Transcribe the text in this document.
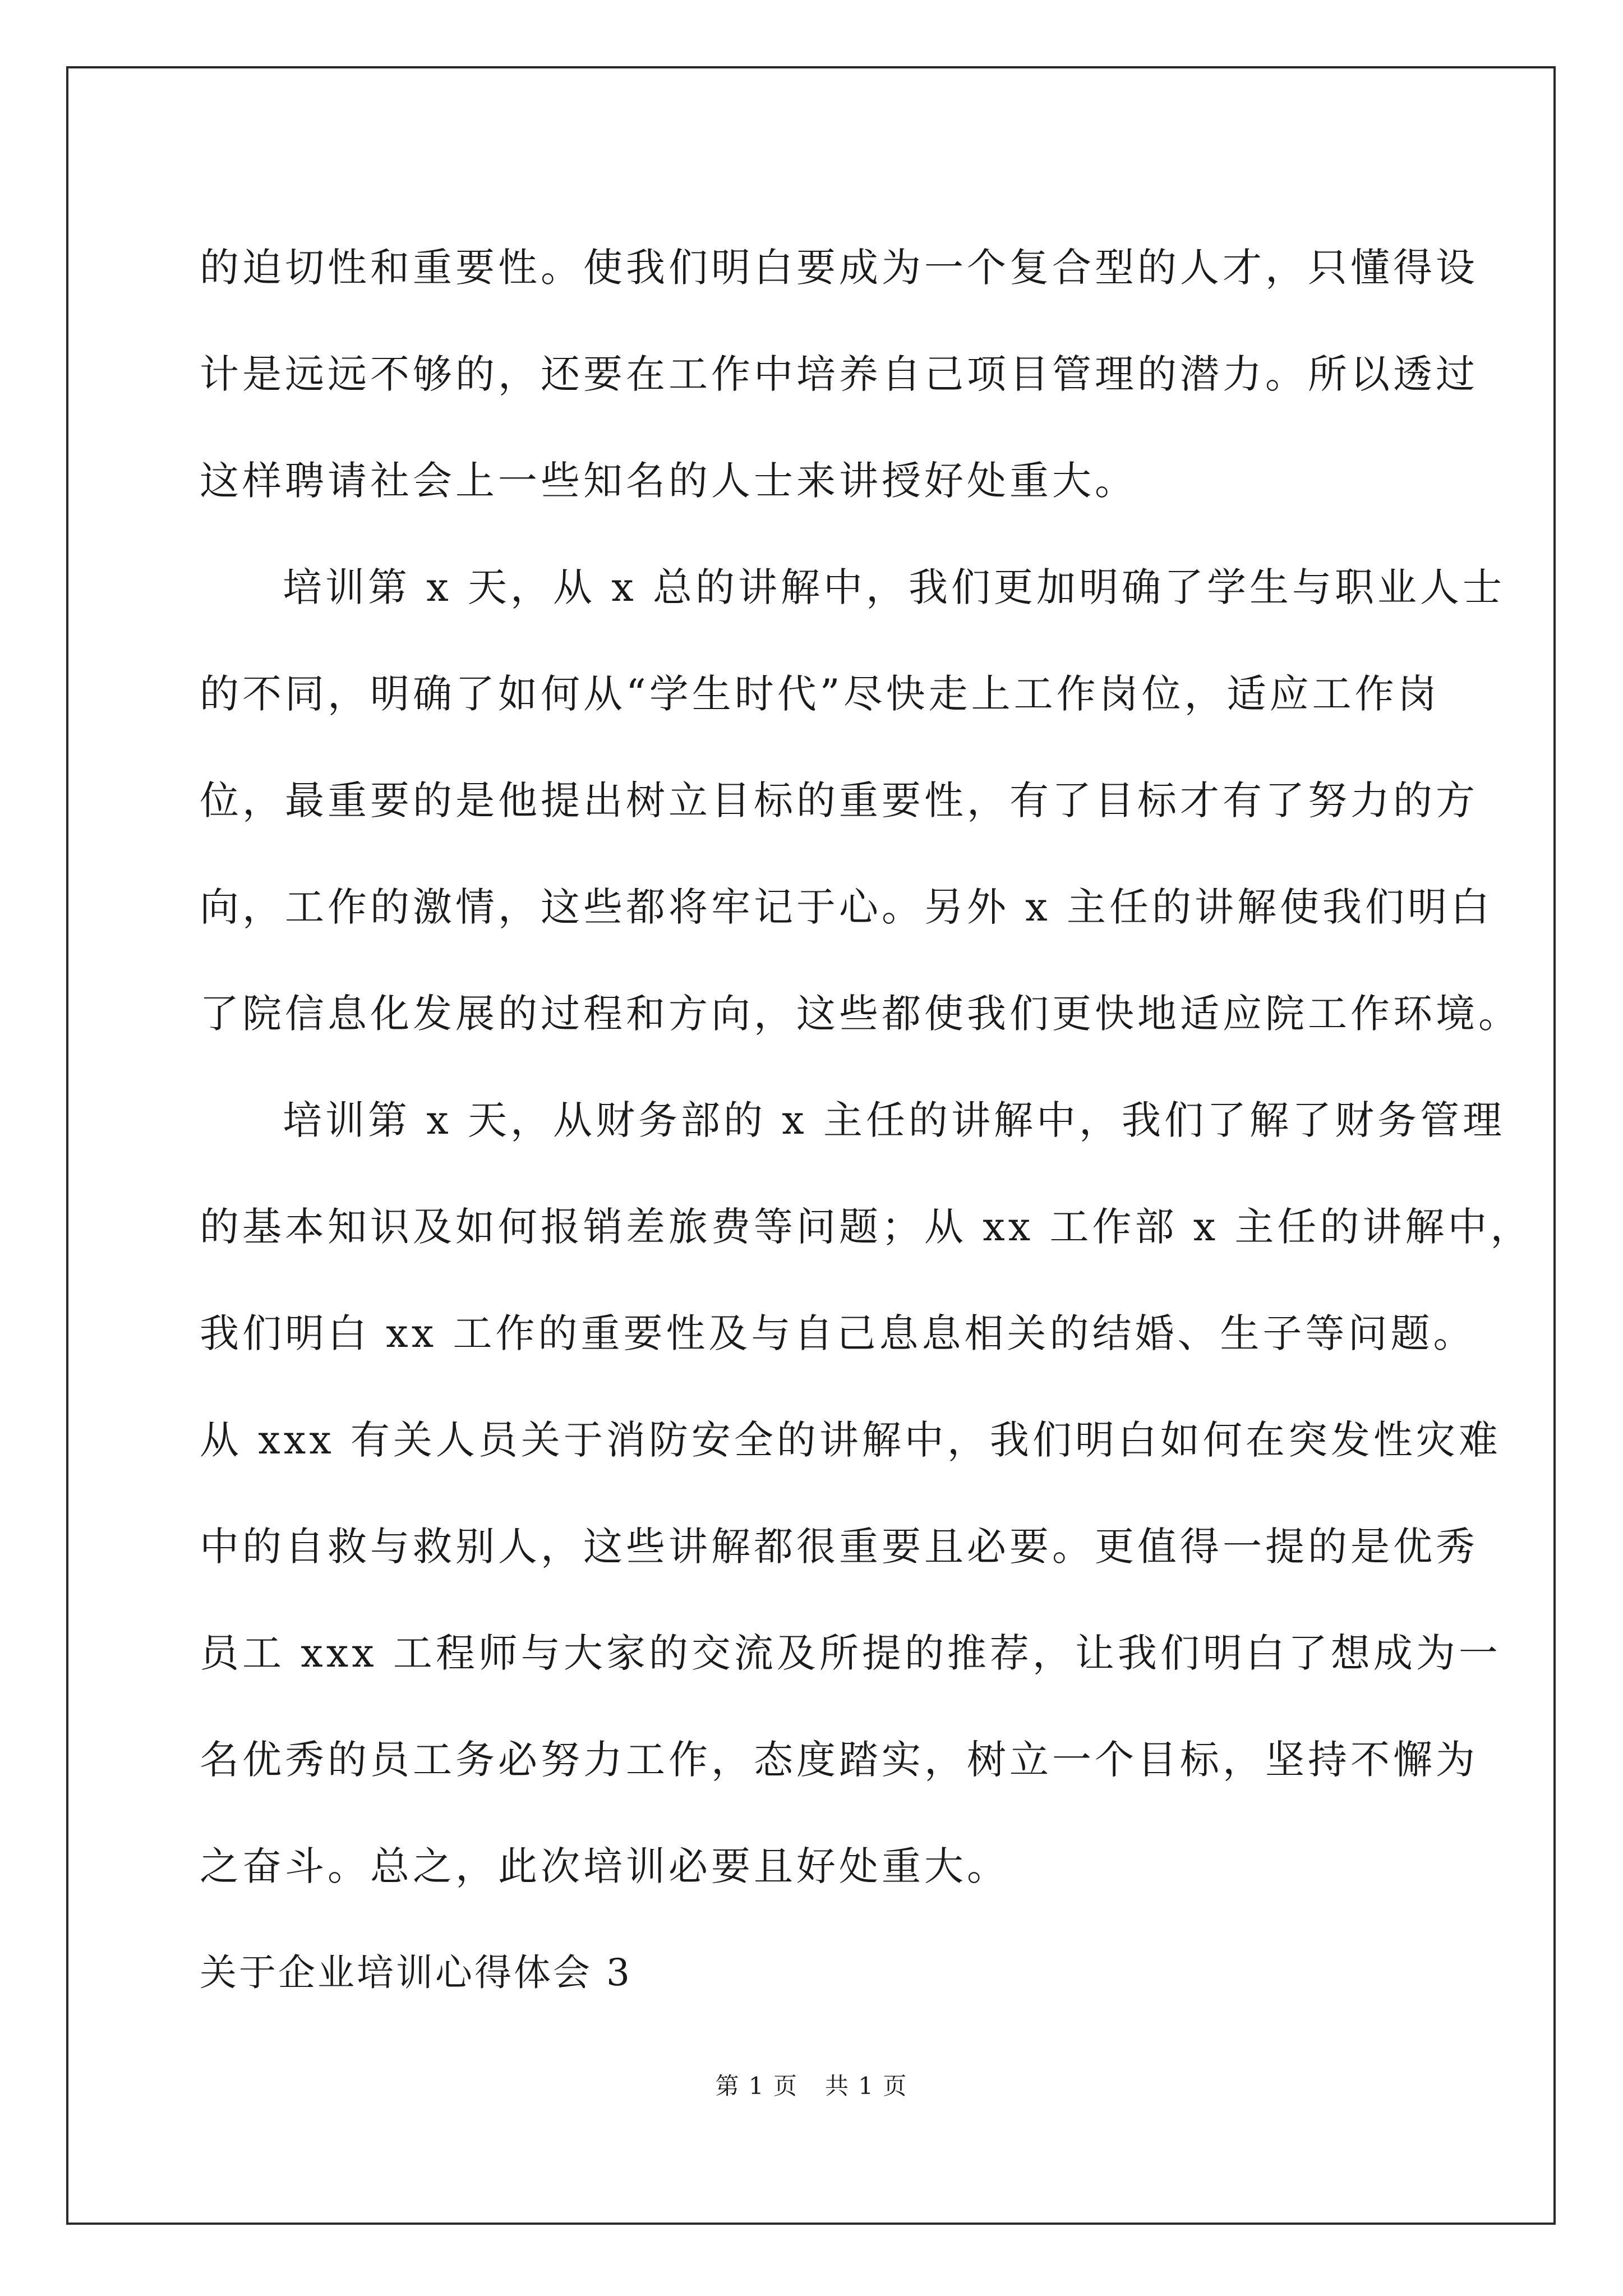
的迫切性和重要性。使我们明白要成为一个复合型的人才，只懂得设
计是远远不够的，还要在工作中培养自己项目管理的潜力。所以透过
这样聘请社会上一些知名的人士来讲授好处重大。
培训第 x 天，从 x 总的讲解中，我们更加明确了学生与职业人士
的不同，明确了如何从“学生时代”尽快走上工作岗位，适应工作岗
位，最重要的是他提出树立目标的重要性，有了目标才有了努力的方
向，工作的激情，这些都将牢记于心。另外 x 主任的讲解使我们明白
了院信息化发展的过程和方向，这些都使我们更快地适应院工作环境。
培训第 x 天，从财务部的 x 主任的讲解中，我们了解了财务管理
的基本知识及如何报销差旅费等问题；从 xx 工作部 x 主任的讲解中，
我们明白 xx 工作的重要性及与自己息息相关的结婚、生子等问题。
从 xxx 有关人员关于消防安全的讲解中，我们明白如何在突发性灾难
中的自救与救别人，这些讲解都很重要且必要。更值得一提的是优秀
员工 xxx 工程师与大家的交流及所提的推荐，让我们明白了想成为一
名优秀的员工务必努力工作，态度踏实，树立一个目标，坚持不懈为
之奋斗。总之，此次培训必要且好处重大。
关于企业培训心得体会 3
第 1 页 共 1 页
